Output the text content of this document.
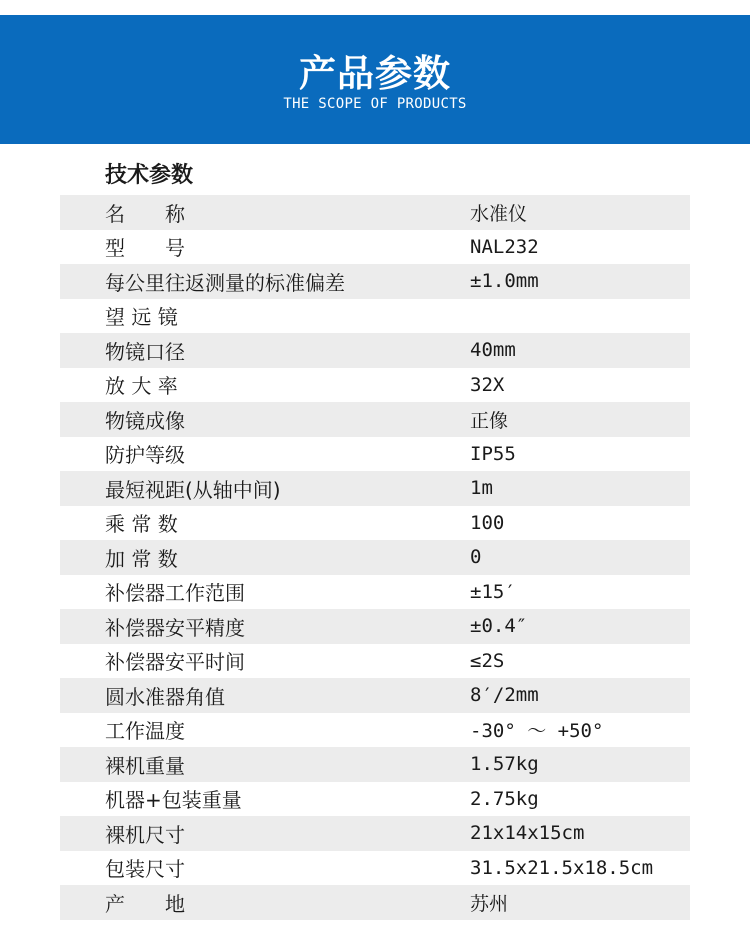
产品参数
THE SCOPE OF PRODUCTS
技术参数
名　　称	水准仪
型　　号	NAL232
每公里往返测量的标准偏差	±1.0mm
望 远 镜
物镜口径	40mm
放 大 率	32X
物镜成像	正像
防护等级	IP55
最短视距(从轴中间)	1m
乘 常 数	100
加 常 数	0
补偿器工作范围	±15′
补偿器安平精度	±0.4″
补偿器安平时间	≤2S
圆水准器角值	8′/2mm
工作温度	-30° ～ +50°
裸机重量	1.57kg
机器+包装重量	2.75kg
裸机尺寸	21x14x15cm
包装尺寸	31.5x21.5x18.5cm
产　　地	苏州
